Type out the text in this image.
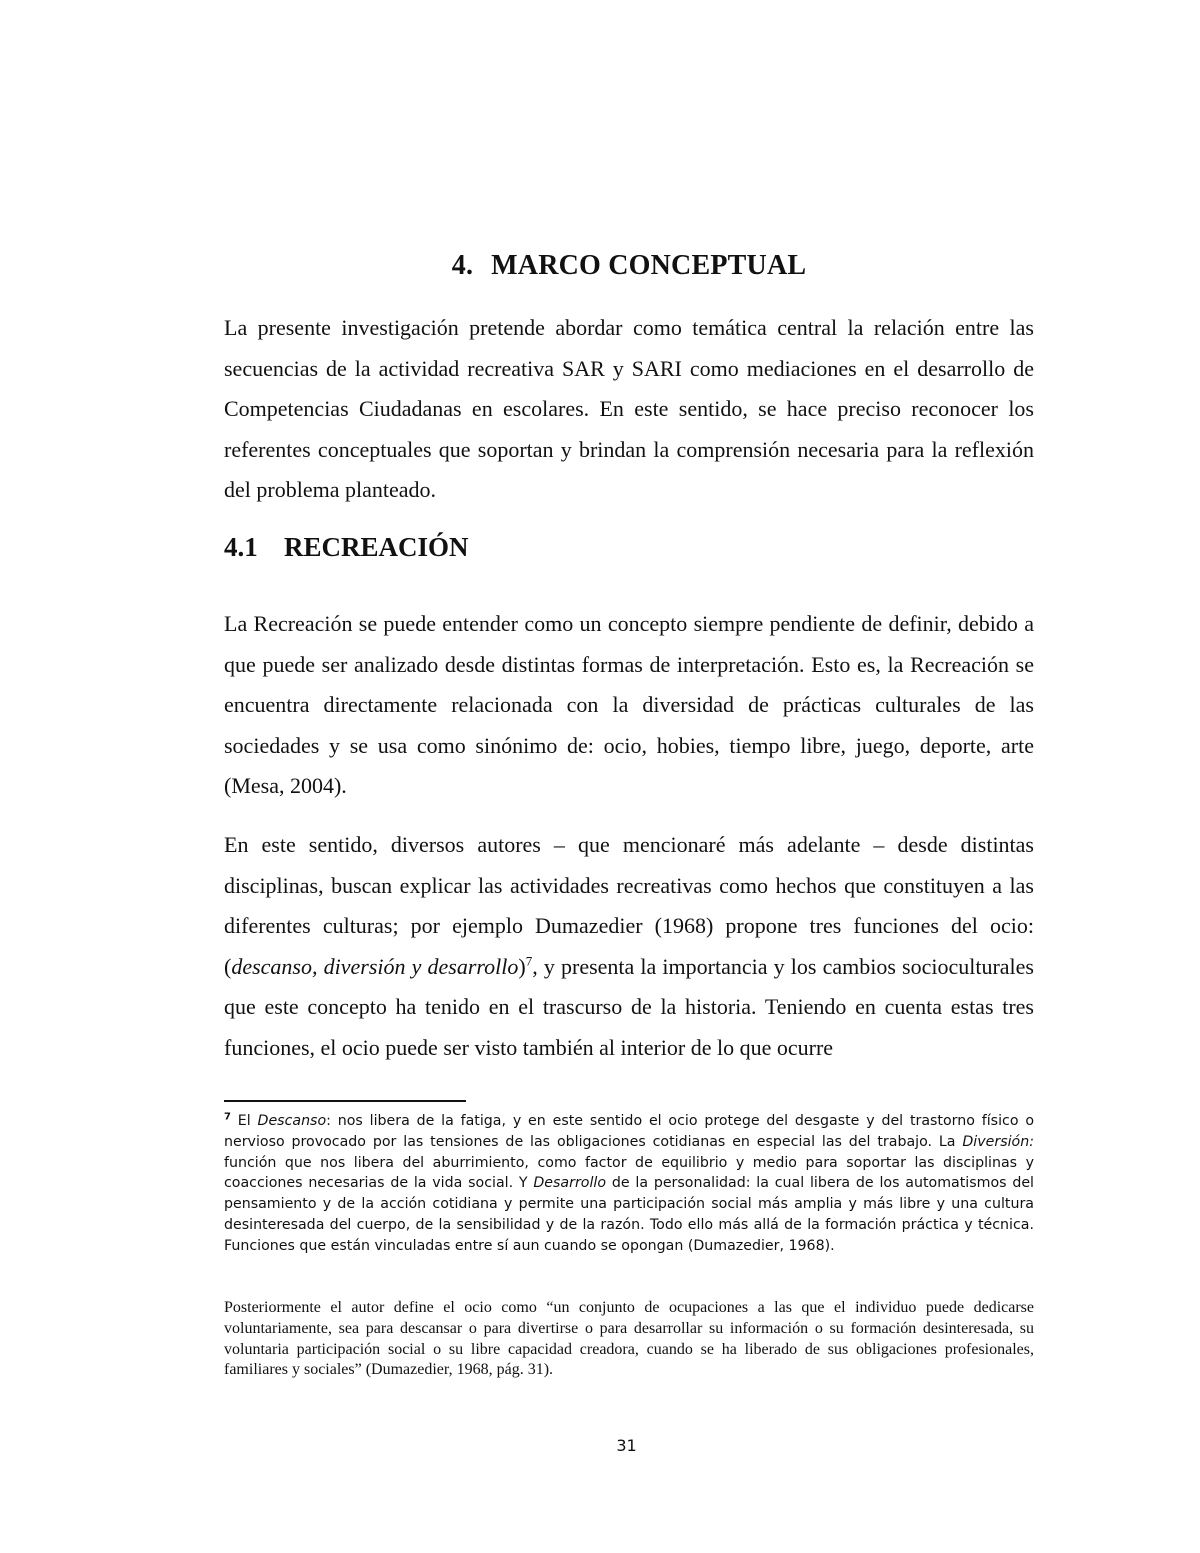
4. MARCO CONCEPTUAL

La presente investigación pretende abordar como temática central la relación entre las secuencias de la actividad recreativa SAR y SARI como mediaciones en el desarrollo de Competencias Ciudadanas en escolares. En este sentido, se hace preciso reconocer los referentes conceptuales que soportan y brindan la comprensión necesaria para la reflexión del problema planteado.

4.1 RECREACIÓN

La Recreación se puede entender como un concepto siempre pendiente de definir, debido a que puede ser analizado desde distintas formas de interpretación. Esto es, la Recreación se encuentra directamente relacionada con la diversidad de prácticas culturales de las sociedades y se usa como sinónimo de: ocio, hobies, tiempo libre, juego, deporte, arte (Mesa, 2004).

En este sentido, diversos autores – que mencionaré más adelante – desde distintas disciplinas, buscan explicar las actividades recreativas como hechos que constituyen a las diferentes culturas; por ejemplo Dumazedier (1968) propone tres funciones del ocio: (descanso, diversión y desarrollo)$^7$, y presenta la importancia y los cambios socioculturales que este concepto ha tenido en el trascurso de la historia. Teniendo en cuenta estas tres funciones, el ocio puede ser visto también al interior de lo que ocurre

$^7$ El Descanso: nos libera de la fatiga, y en este sentido el ocio protege del desgaste y del trastorno físico o nervioso provocado por las tensiones de las obligaciones cotidianas en especial las del trabajo. La Diversión: función que nos libera del aburrimiento, como factor de equilibrio y medio para soportar las disciplinas y coacciones necesarias de la vida social. Y Desarrollo de la personalidad: la cual libera de los automatismos del pensamiento y de la acción cotidiana y permite una participación social más amplia y más libre y una cultura desinteresada del cuerpo, de la sensibilidad y de la razón. Todo ello más allá de la formación práctica y técnica. Funciones que están vinculadas entre sí aun cuando se opongan (Dumazedier, 1968).

Posteriormente el autor define el ocio como “un conjunto de ocupaciones a las que el individuo puede dedicarse voluntariamente, sea para descansar o para divertirse o para desarrollar su información o su formación desinteresada, su voluntaria participación social o su libre capacidad creadora, cuando se ha liberado de sus obligaciones profesionales, familiares y sociales” (Dumazedier, 1968, pág. 31).

31
